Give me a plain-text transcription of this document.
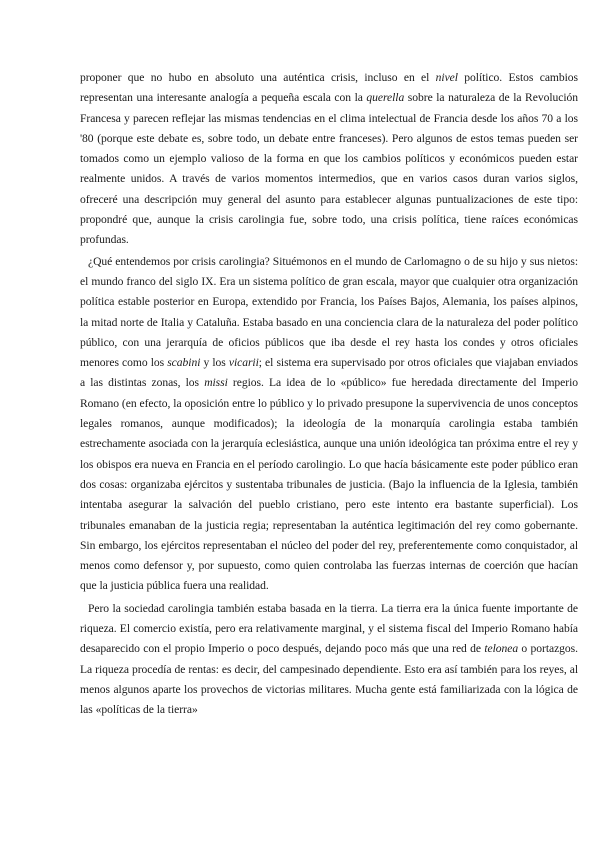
proponer que no hubo en absoluto una auténtica crisis, incluso en el nivel político. Estos cambios representan una interesante analogía a pequeña escala con la querella sobre la naturaleza de la Revolución Francesa y parecen reflejar las mismas tendencias en el clima intelectual de Francia desde los años 70 a los '80 (porque este debate es, sobre todo, un debate entre franceses). Pero algunos de estos temas pueden ser tomados como un ejemplo valioso de la forma en que los cambios políticos y económicos pueden estar realmente unidos. A través de varios momentos intermedios, que en varios casos duran varios siglos, ofreceré una descripción muy general del asunto para establecer algunas puntualizaciones de este tipo: propondré que, aunque la crisis carolingia fue, sobre todo, una crisis política, tiene raíces económicas profundas.

¿Qué entendemos por crisis carolingia? Situémonos en el mundo de Carlomagno o de su hijo y sus nietos: el mundo franco del siglo IX. Era un sistema político de gran escala, mayor que cualquier otra organización política estable posterior en Europa, extendido por Francia, los Países Bajos, Alemania, los países alpinos, la mitad norte de Italia y Cataluña. Estaba basado en una conciencia clara de la naturaleza del poder político público, con una jerarquía de oficios públicos que iba desde el rey hasta los condes y otros oficiales menores como los scabini y los vicarii; el sistema era supervisado por otros oficiales que viajaban enviados a las distintas zonas, los missi regios. La idea de lo «público» fue heredada directamente del Imperio Romano (en efecto, la oposición entre lo público y lo privado presupone la supervivencia de unos conceptos legales romanos, aunque modificados); la ideología de la monarquía carolingia estaba también estrechamente asociada con la jerarquía eclesiástica, aunque una unión ideológica tan próxima entre el rey y los obispos era nueva en Francia en el período carolingio. Lo que hacía básicamente este poder público eran dos cosas: organizaba ejércitos y sustentaba tribunales de justicia. (Bajo la influencia de la Iglesia, también intentaba asegurar la salvación del pueblo cristiano, pero este intento era bastante superficial). Los tribunales emanaban de la justicia regia; representaban la auténtica legitimación del rey como gobernante. Sin embargo, los ejércitos representaban el núcleo del poder del rey, preferentemente como conquistador, al menos como defensor y, por supuesto, como quien controlaba las fuerzas internas de coerción que hacían que la justicia pública fuera una realidad.

Pero la sociedad carolingia también estaba basada en la tierra. La tierra era la única fuente importante de riqueza. El comercio existía, pero era relativamente marginal, y el sistema fiscal del Imperio Romano había desaparecido con el propio Imperio o poco después, dejando poco más que una red de telonea o portazgos. La riqueza procedía de rentas: es decir, del campesinado dependiente. Esto era así también para los reyes, al menos algunos aparte los provechos de victorias militares. Mucha gente está familiarizada con la lógica de las «políticas de la tierra»
